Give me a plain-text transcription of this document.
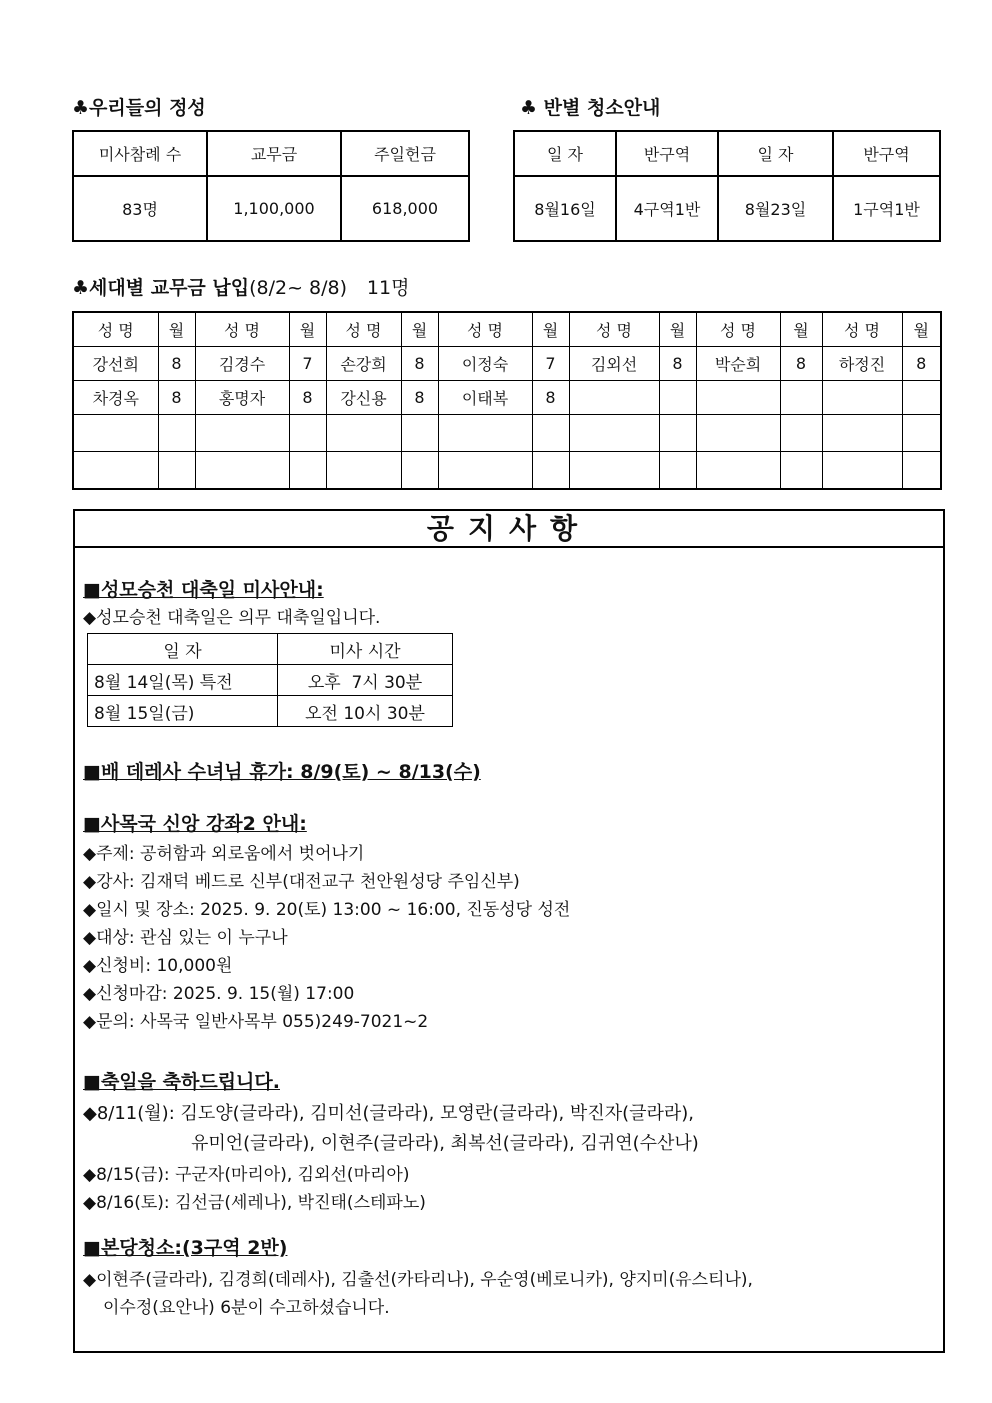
♣우리들의 정성
미사참례 수	교무금	주일헌금
83명	1,100,000	618,000
♣ 반별 청소안내
일 자	반구역	일 자	반구역
8월16일	4구역1반	8월23일	1구역1반
♣세대별 교무금 납입(8/2~ 8/8) 11명
성 명	월	성 명	월	성 명	월	성 명	월	성 명	월	성 명	월	성 명	월
강선희	8	김경수	7	손강희	8	이정숙	7	김외선	8	박순희	8	하정진	8
차경옥	8	홍명자	8	강신용	8	이태복	8						

공지사항
■성모승천 대축일 미사안내:
◆성모승천 대축일은 의무 대축일입니다.
일 자	미사 시간
8월 14일(목) 특전	오후  7시 30분
8월 15일(금)	오전 10시 30분
■배 데레사 수녀님 휴가: 8/9(토) ~ 8/13(수)
■사목국 신앙 강좌2 안내:
◆주제: 공허함과 외로움에서 벗어나기
◆강사: 김재덕 베드로 신부(대전교구 천안원성당 주임신부)
◆일시 및 장소: 2025. 9. 20(토) 13:00 ~ 16:00, 진동성당 성전
◆대상: 관심 있는 이 누구나
◆신청비: 10,000원
◆신청마감: 2025. 9. 15(월) 17:00
◆문의: 사목국 일반사목부 055)249-7021~2
■축일을 축하드립니다.
◆8/11(월): 김도양(글라라), 김미선(글라라), 모영란(글라라), 박진자(글라라),
유미언(글라라), 이현주(글라라), 최복선(글라라), 김귀연(수산나)
◆8/15(금): 구군자(마리아), 김외선(마리아)
◆8/16(토): 김선금(세레나), 박진태(스테파노)
■본당청소:(3구역 2반)
◆이현주(글라라), 김경희(데레사), 김출선(카타리나), 우순영(베로니카), 양지미(유스티나),
이수정(요안나) 6분이 수고하셨습니다.
